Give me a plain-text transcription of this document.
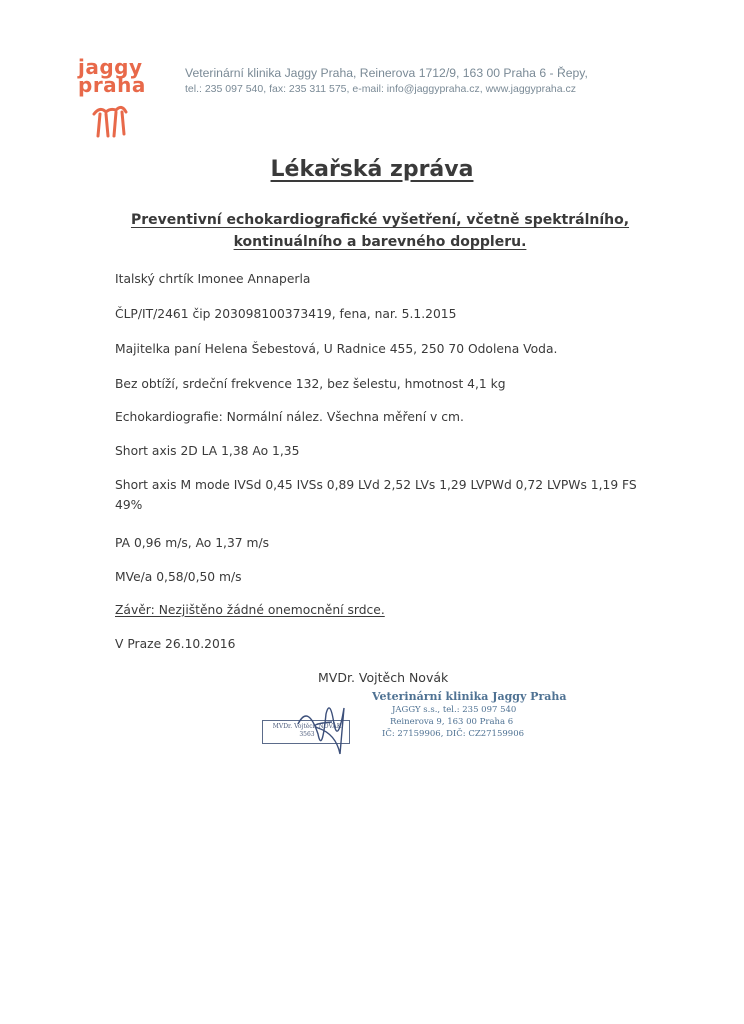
jaggy
praha	Veterinární klinika Jaggy Praha, Reinerova 1712/9, 163 00 Praha 6 - Řepy,
tel.: 235 097 540, fax: 235 311 575, e-mail: info@jaggypraha.cz, www.jaggypraha.cz
Lékařská zpráva
Preventivní echokardiografické vyšetření, včetně spektrálního,
kontinuálního a barevného doppleru.
Italský chrtík Imonee Annaperla
ČLP/IT/2461 čip 203098100373419, fena, nar. 5.1.2015
Majitelka paní Helena Šebestová, U Radnice 455, 250 70 Odolena Voda.
Bez obtíží, srdeční frekvence 132, bez šelestu, hmotnost 4,1 kg
Echokardiografie: Normální nález. Všechna měření v cm.
Short axis 2D LA 1,38 Ao 1,35
Short axis M mode IVSd 0,45 IVSs 0,89 LVd 2,52 LVs 1,29 LVPWd 0,72 LVPWs 1,19 FS 49%
PA 0,96 m/s, Ao 1,37 m/s
MVe/a 0,58/0,50 m/s
Závěr: Nezjištěno žádné onemocnění srdce.
V Praze 26.10.2016
MVDr. Vojtěch Novák
MVDr. Vojtěch NOVÁK
3563
Veterinární klinika Jaggy Praha
JAGGY s.s., tel.: 235 097 540
Reinerova 9, 163 00 Praha 6
IČ: 27159906, DIČ: CZ27159906
